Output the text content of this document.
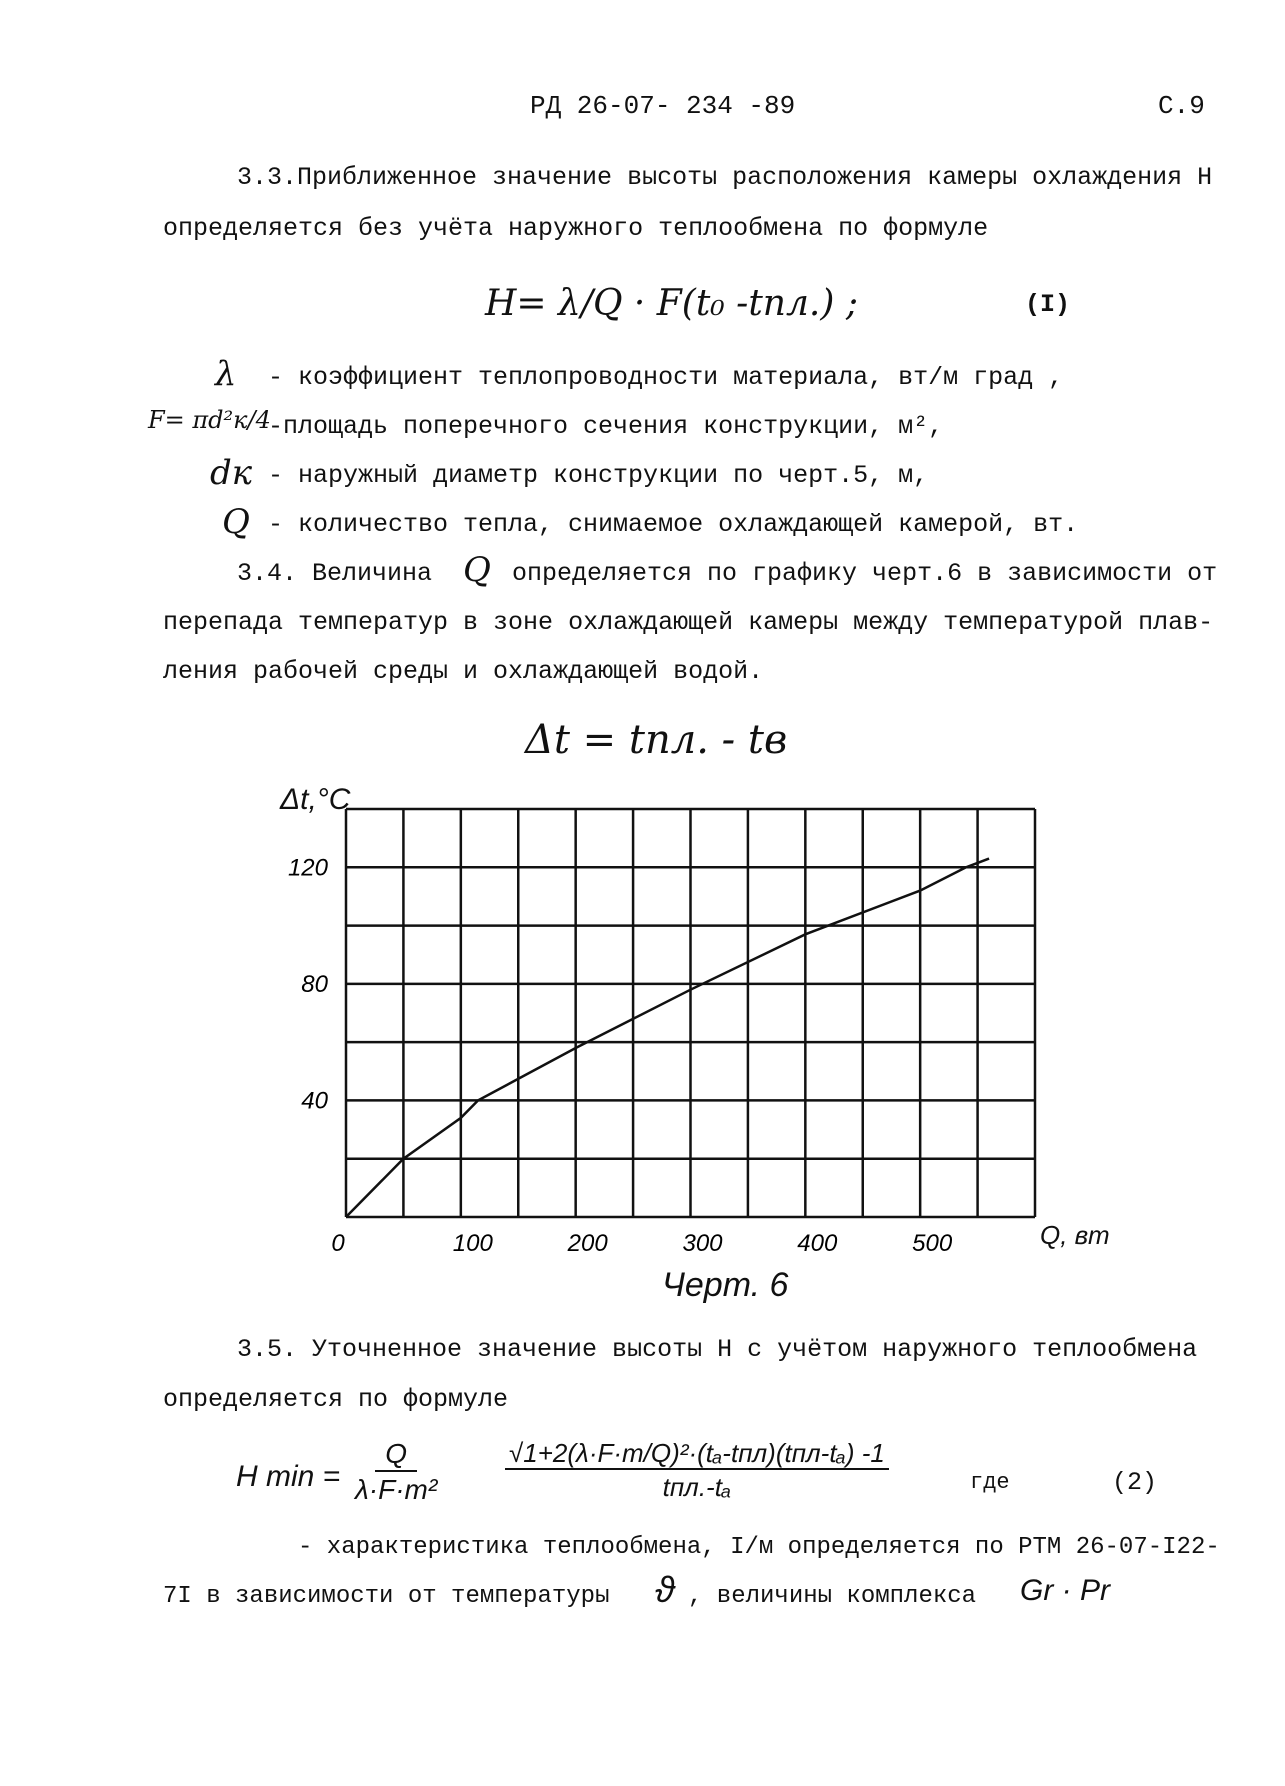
РД 26-07- 234 -89	С.9
3.3.Приближенное значение высоты расположения камеры охлаждения Н
определяется без учёта наружного теплообмена по формуле
H= λ/Q · F(t₀ -tпл.) ;	(I)
λ - коэффициент теплопроводности материала, вт/м град ,
F= πd²к/4
-площадь поперечного сечения конструкции, м²,
dк - наружный диаметр конструкции по черт.5, м,
Q - количество тепла, снимаемое охлаждающей камерой, вт.
3.4. Величина Q определяется по графику черт.6 в зависимости от
перепада температур в зоне охлаждающей камеры между температурой плав-
ления рабочей среды и охлаждающей водой.
Δt = tпл. - tв
0	100	200	300	400	500
40
80
120
Δt,°C
Q, вт
Черт. 6
3.5. Уточненное значение высоты Н с учётом наружного теплообмена
определяется по формуле
H $\min = \frac{Q}{\text{λ·F·m²}}$	√1+2(λ·F·m/Q)²·(tₐ-tпл)(tпл-tₐ) -1
tпл.-tₐ	где	(2)
- характеристика теплообмена, I/м определяется по РТМ 26-07-I22-
7I в зависимости от температуры ϑ , величины комплекса Gr · Pr
